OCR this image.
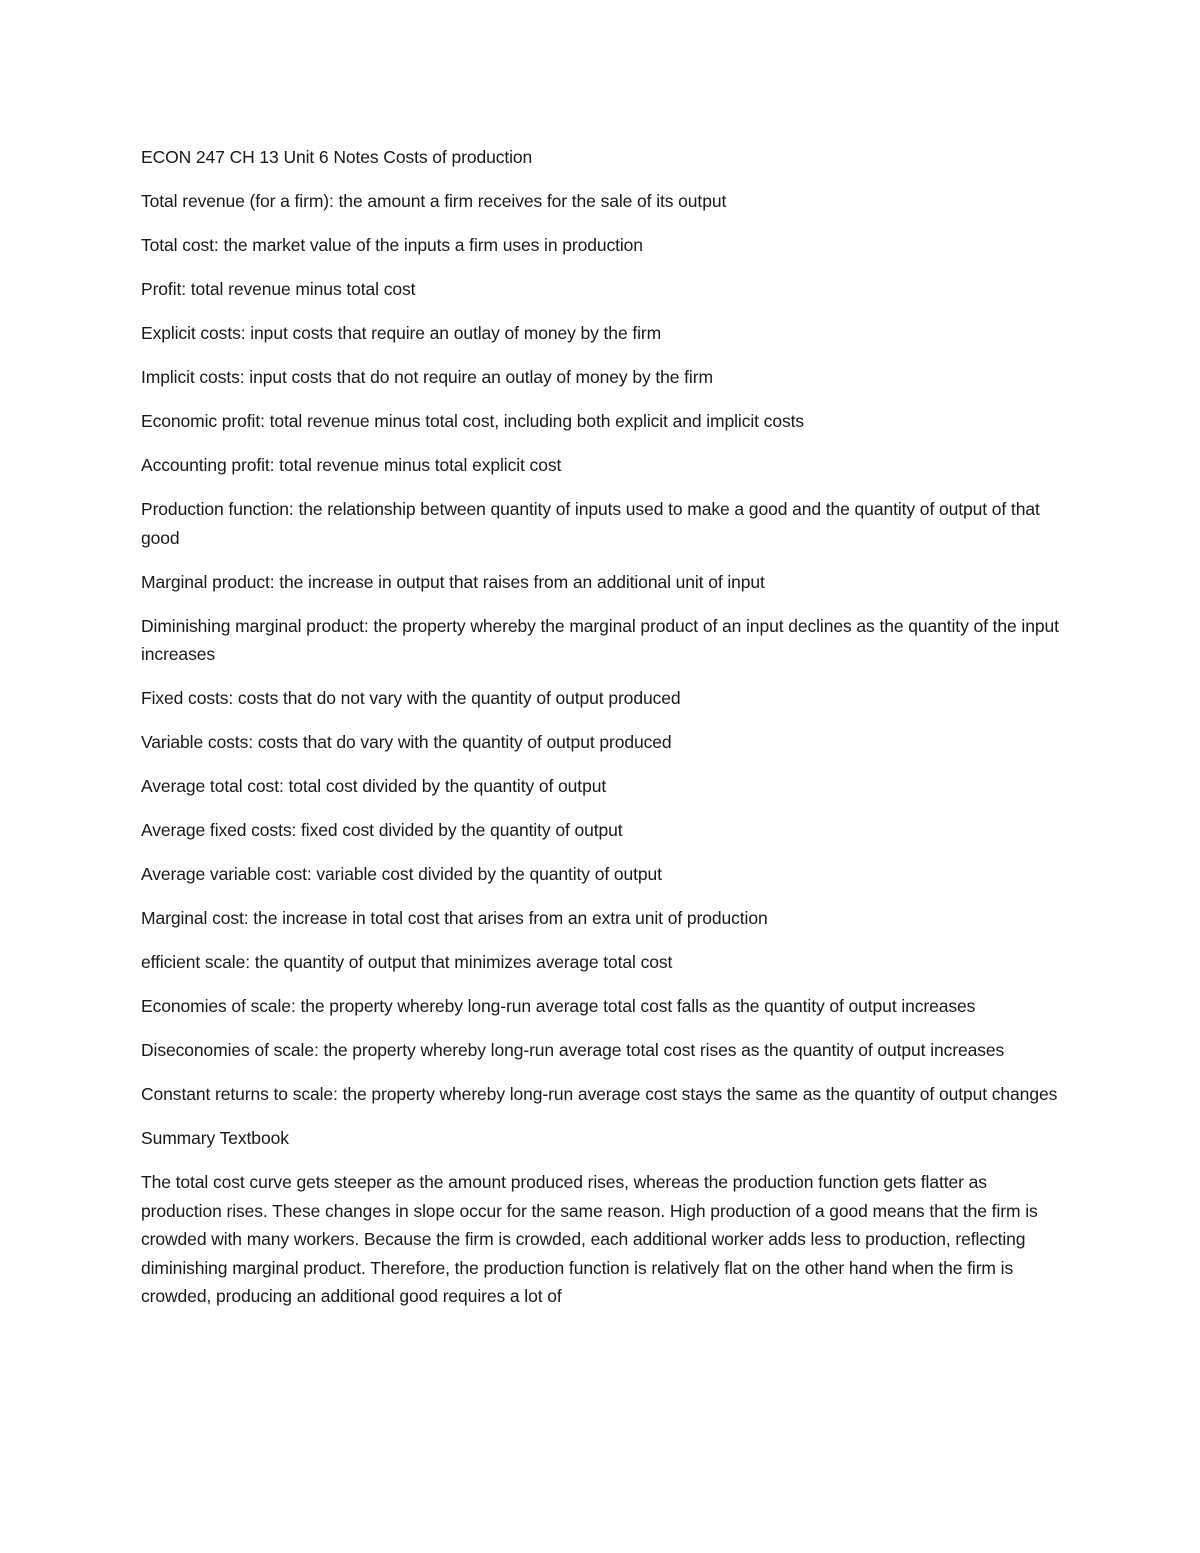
ECON 247 CH 13 Unit 6 Notes Costs of production

Total revenue (for a firm): the amount a firm receives for the sale of its output

Total cost: the market value of the inputs a firm uses in production

Profit: total revenue minus total cost

Explicit costs: input costs that require an outlay of money by the firm

Implicit costs: input costs that do not require an outlay of money by the firm

Economic profit: total revenue minus total cost, including both explicit and implicit costs

Accounting profit: total revenue minus total explicit cost

Production function: the relationship between quantity of inputs used to make a good and the quantity of output of that good

Marginal product: the increase in output that raises from an additional unit of input

Diminishing marginal product: the property whereby the marginal product of an input declines as the quantity of the input increases

Fixed costs: costs that do not vary with the quantity of output produced

Variable costs: costs that do vary with the quantity of output produced

Average total cost: total cost divided by the quantity of output

Average fixed costs: fixed cost divided by the quantity of output

Average variable cost: variable cost divided by the quantity of output

Marginal cost: the increase in total cost that arises from an extra unit of production

efficient scale: the quantity of output that minimizes average total cost

Economies of scale: the property whereby long-run average total cost falls as the quantity of output increases

Diseconomies of scale: the property whereby long-run average total cost rises as the quantity of output increases

Constant returns to scale: the property whereby long-run average cost stays the same as the quantity of output changes

Summary Textbook

The total cost curve gets steeper as the amount produced rises, whereas the production function gets flatter as production rises. These changes in slope occur for the same reason. High production of a good means that the firm is crowded with many workers. Because the firm is crowded, each additional worker adds less to production, reflecting diminishing marginal product. Therefore, the production function is relatively flat on the other hand when the firm is crowded, producing an additional good requires a lot of
